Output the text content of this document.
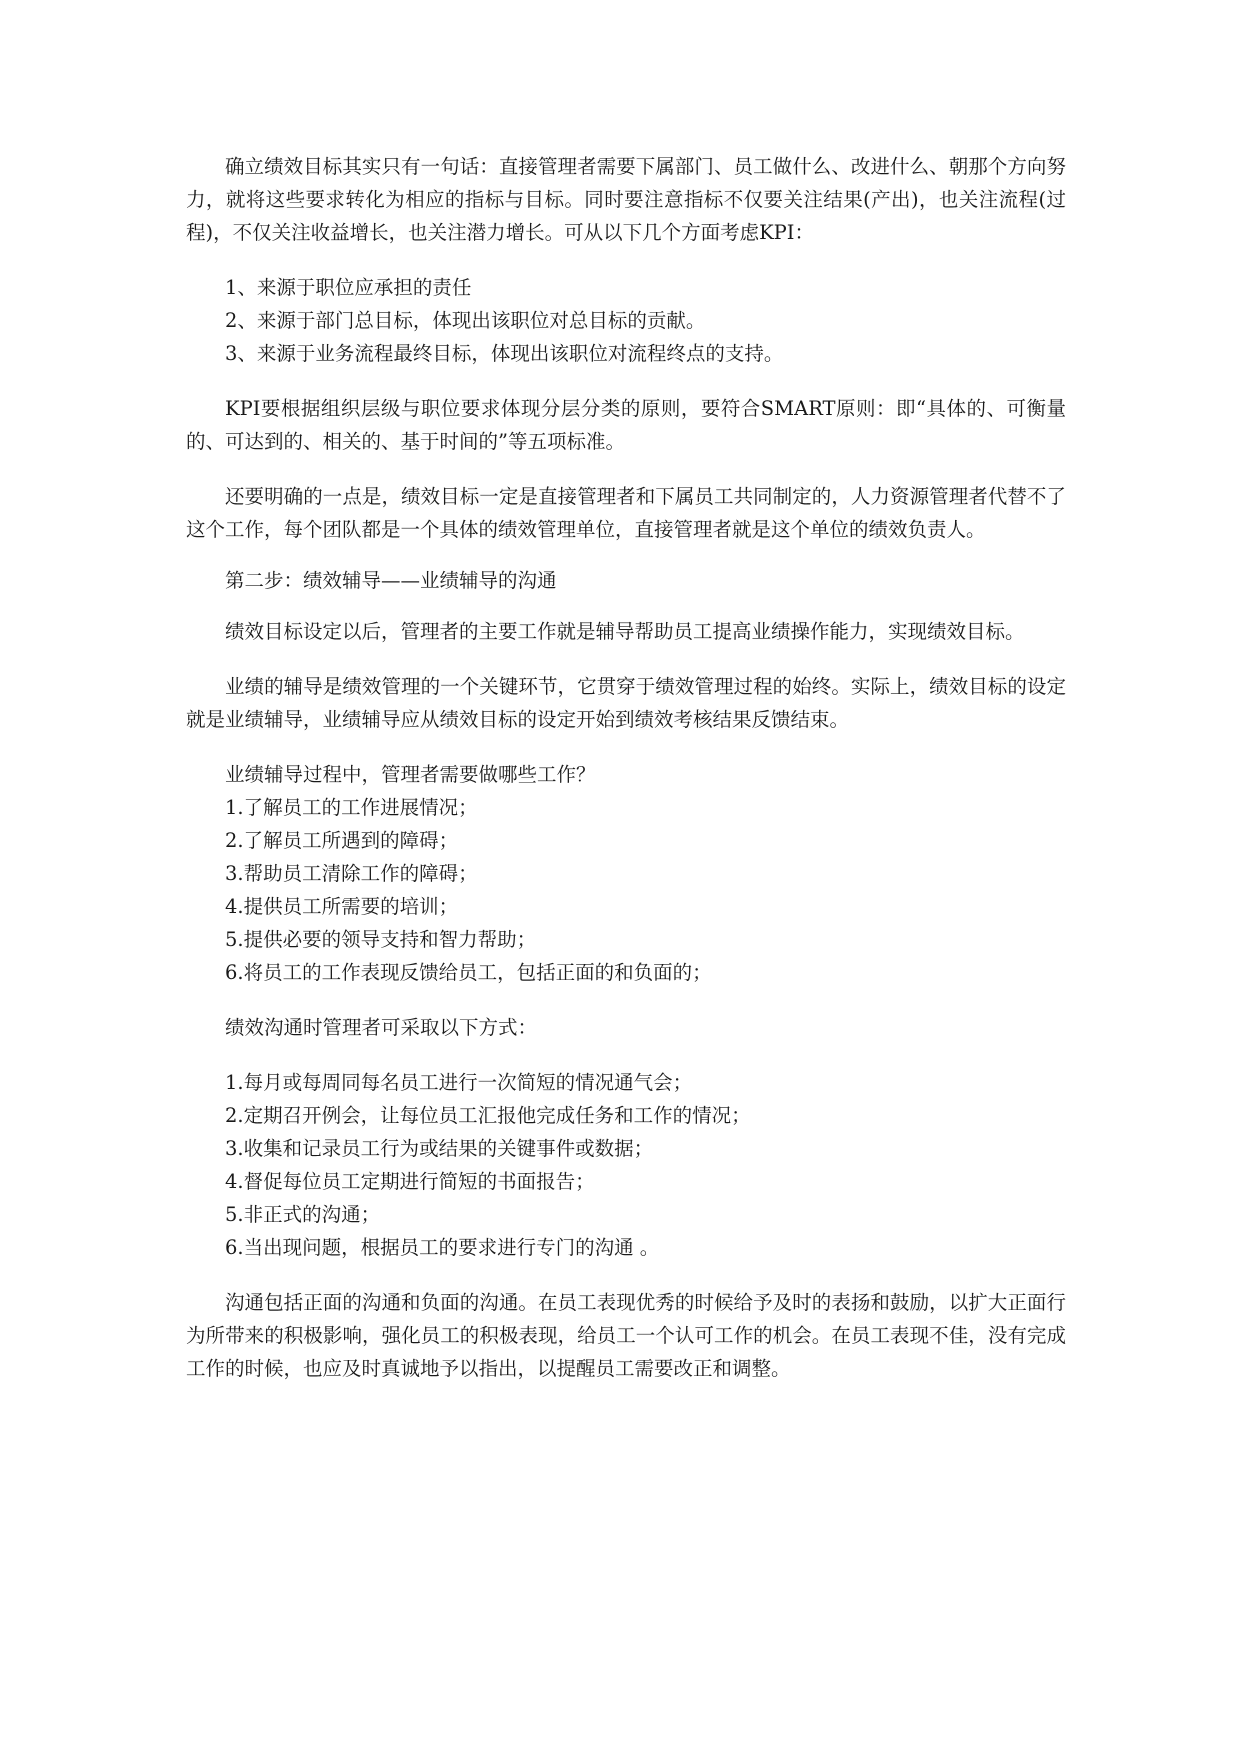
确立绩效目标其实只有一句话：直接管理者需要下属部门、员工做什么、改进什么、朝那个方向努力，就将这些要求转化为相应的指标与目标。同时要注意指标不仅要关注结果(产出)，也关注流程(过程)，不仅关注收益增长，也关注潜力增长。可从以下几个方面考虑KPI：

1、来源于职位应承担的责任

2、来源于部门总目标，体现出该职位对总目标的贡献。

3、来源于业务流程最终目标，体现出该职位对流程终点的支持。

KPI要根据组织层级与职位要求体现分层分类的原则，要符合SMART原则：即“具体的、可衡量的、可达到的、相关的、基于时间的”等五项标准。

还要明确的一点是，绩效目标一定是直接管理者和下属员工共同制定的，人力资源管理者代替不了这个工作，每个团队都是一个具体的绩效管理单位，直接管理者就是这个单位的绩效负责人。

第二步：绩效辅导——业绩辅导的沟通

绩效目标设定以后，管理者的主要工作就是辅导帮助员工提高业绩操作能力，实现绩效目标。

业绩的辅导是绩效管理的一个关键环节，它贯穿于绩效管理过程的始终。实际上，绩效目标的设定就是业绩辅导，业绩辅导应从绩效目标的设定开始到绩效考核结果反馈结束。

业绩辅导过程中，管理者需要做哪些工作？

1.了解员工的工作进展情况；

2.了解员工所遇到的障碍；

3.帮助员工清除工作的障碍；

4.提供员工所需要的培训；

5.提供必要的领导支持和智力帮助；

6.将员工的工作表现反馈给员工，包括正面的和负面的；

绩效沟通时管理者可采取以下方式：

1.每月或每周同每名员工进行一次简短的情况通气会；

2.定期召开例会，让每位员工汇报他完成任务和工作的情况；

3.收集和记录员工行为或结果的关键事件或数据；

4.督促每位员工定期进行简短的书面报告；

5.非正式的沟通；

6.当出现问题，根据员工的要求进行专门的沟通 。

沟通包括正面的沟通和负面的沟通。在员工表现优秀的时候给予及时的表扬和鼓励，以扩大正面行为所带来的积极影响，强化员工的积极表现，给员工一个认可工作的机会。在员工表现不佳，没有完成工作的时候，也应及时真诚地予以指出，以提醒员工需要改正和调整。
